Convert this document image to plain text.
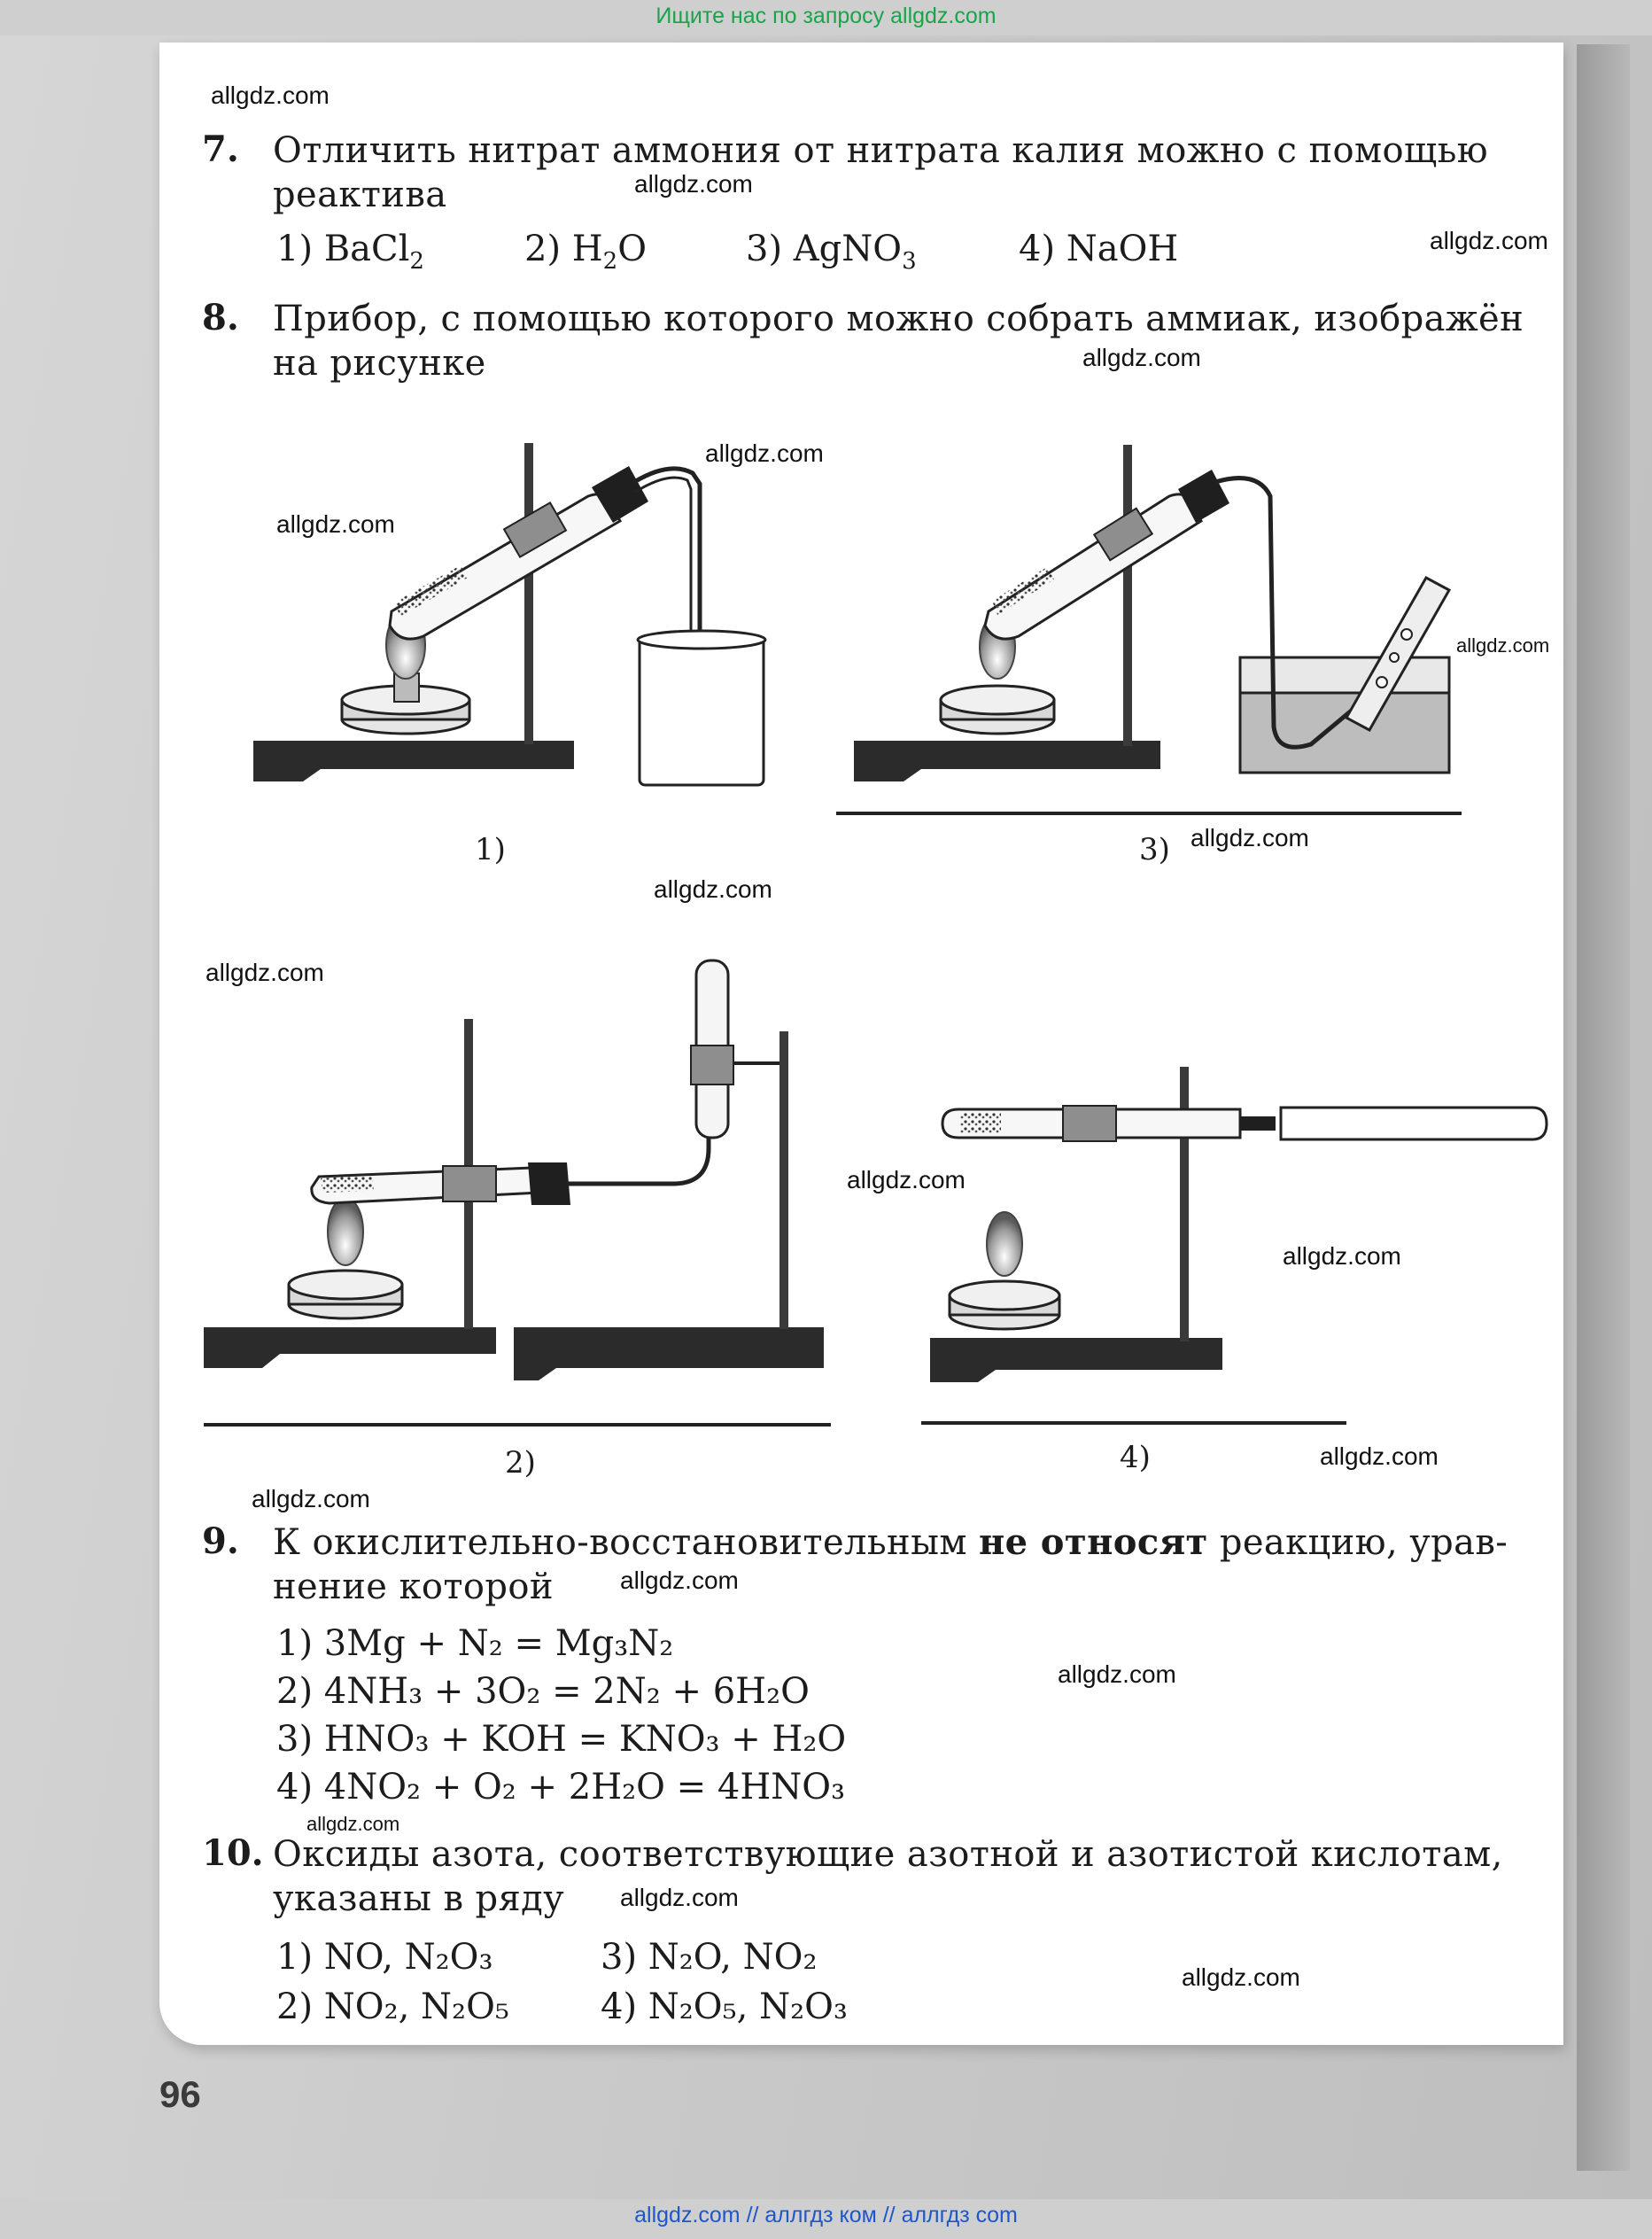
Ищите нас по запросу allgdz.com
96
allgdz.com
allgdz.com
allgdz.com
allgdz.com
allgdz.com
allgdz.com
allgdz.com
allgdz.com
allgdz.com
allgdz.com
allgdz.com
allgdz.com
allgdz.com
allgdz.com
allgdz.com
allgdz.com
allgdz.com
allgdz.com
allgdz.com
7. Отличить нитрат аммония от нитрата калия можно с помощью
реактива
1) BaCl$_2$	2) $H_2O$	3) AgNO$_3$	4) NaOH
8. Прибор, с помощью которого можно собрать аммиак, изображён
на рисунке
1)	3)
2)	4)
9. К окислительно-восстановительным не относят реакцию, урав-
нение которой
1) 3Mg + N₂ = Mg₃N₂
2) 4NH₃ + 3O₂ = 2N₂ + 6H₂O
3) HNO₃ + KOH = KNO₃ + H₂O
4) 4NO₂ + O₂ + 2H₂O = 4HNO₃
10. Оксиды азота, соответствующие азотной и азотистой кислотам,
указаны в ряду
1) NO, N₂O₃	3) N₂O, NO₂
2) NO₂, N₂O₅	4) N₂O₅, N₂O₃
allgdz.com // аллгдз ком // аллгдз com
